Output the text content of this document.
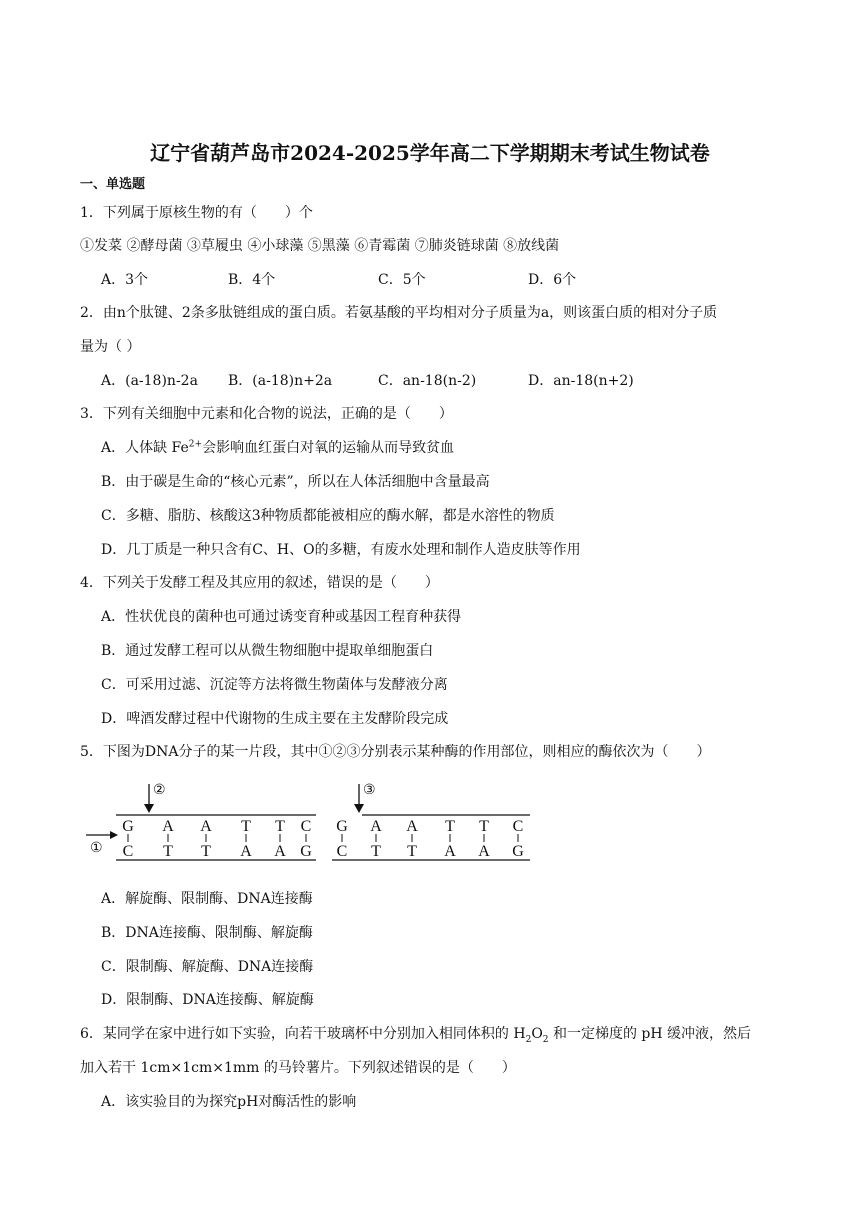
辽宁省葫芦岛市2024-2025学年高二下学期期末考试生物试卷
一、单选题
1．下列属于原核生物的有（　　）个
①发菜 ②酵母菌 ③草履虫 ④小球藻 ⑤黑藻 ⑥青霉菌 ⑦肺炎链球菌 ⑧放线菌
A．3个	B．4个	C．5个	D．6个
2．由n个肽键、2条多肽链组成的蛋白质。若氨基酸的平均相对分子质量为a，则该蛋白质的相对分子质
量为（ ）
A．(a-18)n-2a B．(a-18)n+2a	C．an-18(n-2)	D．an-18(n+2)
3．下列有关细胞中元素和化合物的说法，正确的是（　　）
A．人体缺 $Fe^{2+}$会影响血红蛋白对氧的运输从而导致贫血
B．由于碳是生命的“核心元素”，所以在人体活细胞中含量最高
C．多糖、脂肪、核酸这3种物质都能被相应的酶水解，都是水溶性的物质
D．几丁质是一种只含有C、H、O的多糖，有废水处理和制作人造皮肤等作用
4．下列关于发酵工程及其应用的叙述，错误的是（　　）
A．性状优良的菌种也可通过诱变育种或基因工程育种获得
B．通过发酵工程可以从微生物细胞中提取单细胞蛋白
C．可采用过滤、沉淀等方法将微生物菌体与发酵液分离
D．啤酒发酵过程中代谢物的生成主要在主发酵阶段完成
5．下图为DNA分子的某一片段，其中①②③分别表示某种酶的作用部位，则相应的酶依次为（　　）
②	③
①
G
C
A
T
A
T
T
A
T
A
C
G
G
C
A
T
A
T
T
A
T
A
C
G
A．解旋酶、限制酶、DNA连接酶
B．DNA连接酶、限制酶、解旋酶
C．限制酶、解旋酶、DNA连接酶
D．限制酶、DNA连接酶、解旋酶
6．某同学在家中进行如下实验，向若干玻璃杯中分别加入相同体积的 $H_2O_2$ 和一定梯度的 pH 缓冲液，然后
加入若干 1cm×1cm×1mm 的马铃薯片。下列叙述错误的是（　　）
A．该实验目的为探究pH对酶活性的影响
